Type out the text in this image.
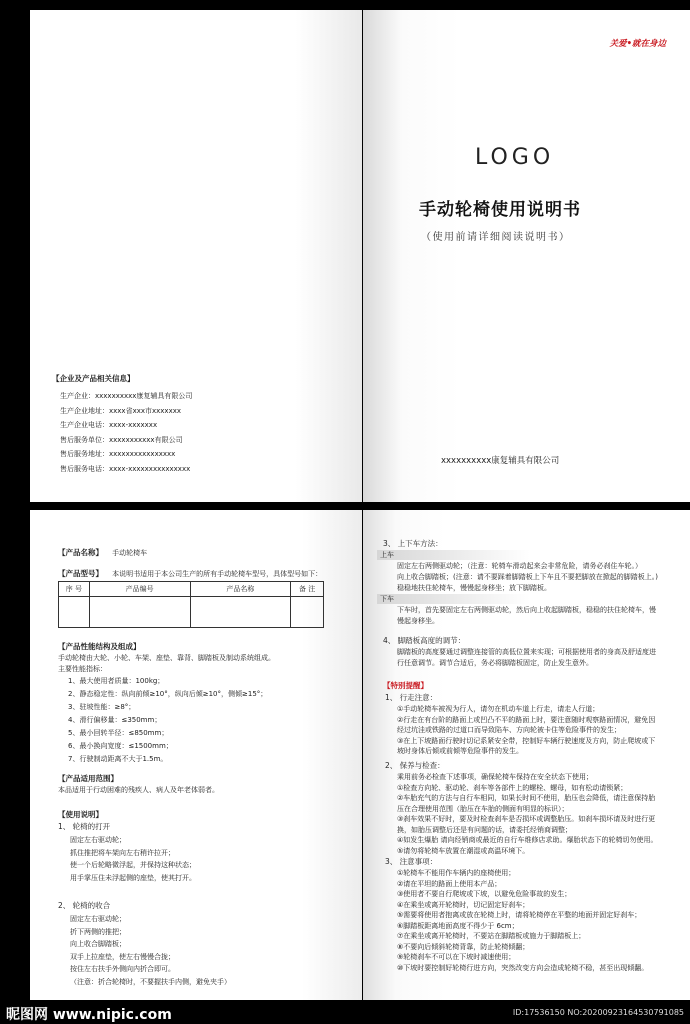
【企业及产品相关信息】
生产企业：xxxxxxxxxx康复辅具有限公司
生产企业地址：xxxx省xxx市xxxxxxx
生产企业电话：xxxx-xxxxxxx
售后服务单位：xxxxxxxxxxx有限公司
售后服务地址：xxxxxxxxxxxxxxxx
售后服务电话：xxxx-xxxxxxxxxxxxxxx
关爱•就在身边
LOGO
手动轮椅使用说明书
（使用前请详细阅读说明书）
xxxxxxxxxx康复辅具有限公司
【产品名称】 手动轮椅车
【产品型号】 本说明书适用于本公司生产的所有手动轮椅车型号，具体型号如下：
序 号	产品编号	产品名称	备 注

【产品性能结构及组成】
手动轮椅由大轮、小轮、车架、座垫、靠背、脚踏板及制动系统组成。
主要性能指标：
1、最大使用者质量：100kg；
2、静态稳定性：纵向前倾≥10°，纵向后倾≥10°，侧倾≥15°；
3、驻坡性能：≥8°；
4、滑行偏移量：≤350mm；
5、最小回转半径：≤850mm；
6、最小换向宽度：≤1500mm；
7、行驶制动距离不大于1.5m。
【产品适用范围】
本品适用于行动困难的残疾人、病人及年老体弱者。
【使用说明】
1、 轮椅的打开
固定左右驱动轮；
抓住推把将车架向左右稍许拉开；
使一个后轮略微浮起，并保持这种状态；
用手掌压住未浮起侧的座垫，使其打开。
2、 轮椅的收合
固定左右驱动轮；
折下两侧的推把；
向上收合脚踏板；
双手上拉座垫，使左右慢慢合拢；
按住左右扶手外侧向内折合即可。
（注意：折合轮椅时，不要握扶手内侧，避免夹手）
3、 上下车方法：
上车
固定左右两侧驱动轮；（注意：轮椅车滑动起来会非常危险，请务必刹住车轮。）
向上收合脚踏板；(注意：请不要踩着脚踏板上下车且不要把脚放在掀起的脚踏板上。)
稳稳地扶住轮椅车，慢慢起身移坐；放下脚踏板。
下车
下车时，首先要固定左右两侧驱动轮，然后向上收起脚踏板，稳稳的扶住轮椅车，慢
慢起身移坐。
4、 脚踏板高度的调节：
脚踏板的高度要通过调整连接管的高低位置来实现；可根据使用者的身高及舒适度进
行任意调节。调节合适后，务必将脚踏板固定，防止发生意外。
【特别提醒】
1、 行走注意：
①手动轮椅车被视为行人，请勿在机动车道上行走，请走人行道；
②行走在有台阶的路面上或凹凸不平的路面上时，要注意随时观察路面情况，避免因
经过坑洼或铁路的过道口而导致陷车、方向轮被卡住等危险事件的发生；
③在上下坡路面行驶时切记系紧安全带，控制好车辆行驶速度及方向，防止爬坡或下
坡时身体后倾或前倾等危险事件的发生。
2、 保养与检查：
乘用前务必检查下述事项，确保轮椅车保持在安全状态下使用；
①检查方向轮、驱动轮、刹车等各部件上的螺栓、螺母，如有松动请锁紧；
②车胎充气的方法与自行车相同，如果长时间不使用，胎压也会降低，请注意保持胎
压在合理使用范围（胎压在车胎的侧面有明显的标识）；
③刹车效果不好时，要及时检查刹车是否损坏或调整胎压。如刹车损坏请及时进行更
换，如胎压调整后还是有问题的话，请委托经销商调整；
④如发生爆胎 请向经销商或最近的自行车维修店求助。爆胎状态下的轮椅切勿使用。
⑤请勿将轮椅车放置在潮湿或高温环境下。
3、 注意事项：
①轮椅车不能用作车辆内的座椅使用；
②请在平坦的路面上使用本产品；
③使用者不要自行爬坡或下坡，以避免危险事故的发生；
④在乘坐或离开轮椅时，切记固定好刹车；
⑤需要将使用者抱离或放在轮椅上时，请将轮椅停在平整的地面并固定好刹车；
⑥脚踏板距离地面高度不得少于 6cm；
⑦在乘坐或离开轮椅时，不要站在脚踏板或施力于脚踏板上；
⑧不要向后倾斜轮椅背靠，防止轮椅倾翻；
⑨轮椅刹车不可以在下坡时减速使用；
⑩下坡时要控制好轮椅行进方向，突然改变方向会造成轮椅不稳，甚至出现倾翻。
昵图网 www.nipic.com	ID:17536150 NO:20200923164530791085
